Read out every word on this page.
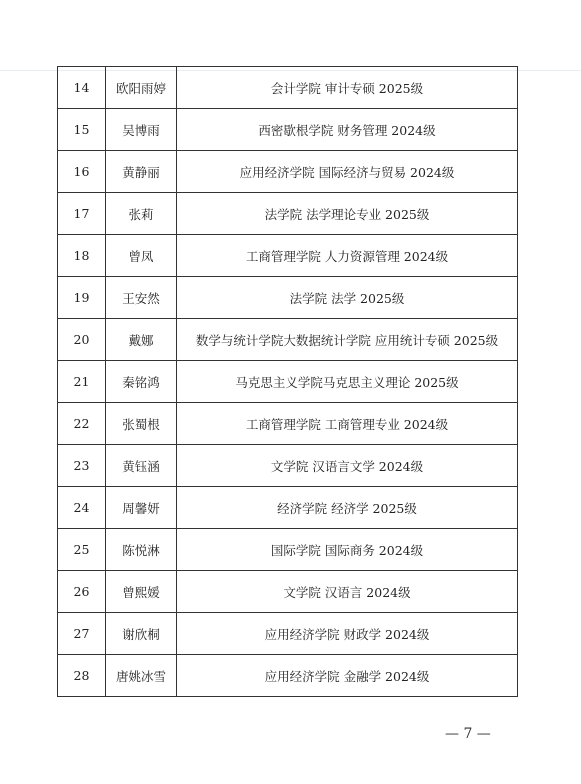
14	欧阳雨婷	会计学院 审计专硕 2025级
15	吴博雨	西密歇根学院 财务管理 2024级
16	黄静丽	应用经济学院 国际经济与贸易 2024级
17	张莉	法学院 法学理论专业 2025级
18	曾凤	工商管理学院 人力资源管理 2024级
19	王安然	法学院 法学 2025级
20	戴娜	数学与统计学院大数据统计学院 应用统计专硕 2025级
21	秦铭鸿	马克思主义学院马克思主义理论 2025级
22	张蜀根	工商管理学院 工商管理专业 2024级
23	黄钰涵	文学院 汉语言文学 2024级
24	周馨妍	经济学院 经济学 2025级
25	陈悦淋	国际学院 国际商务 2024级
26	曾熙媛	文学院 汉语言 2024级
27	谢欣桐	应用经济学院 财政学 2024级
28	唐姚冰雪	应用经济学院 金融学 2024级
— 7 —
